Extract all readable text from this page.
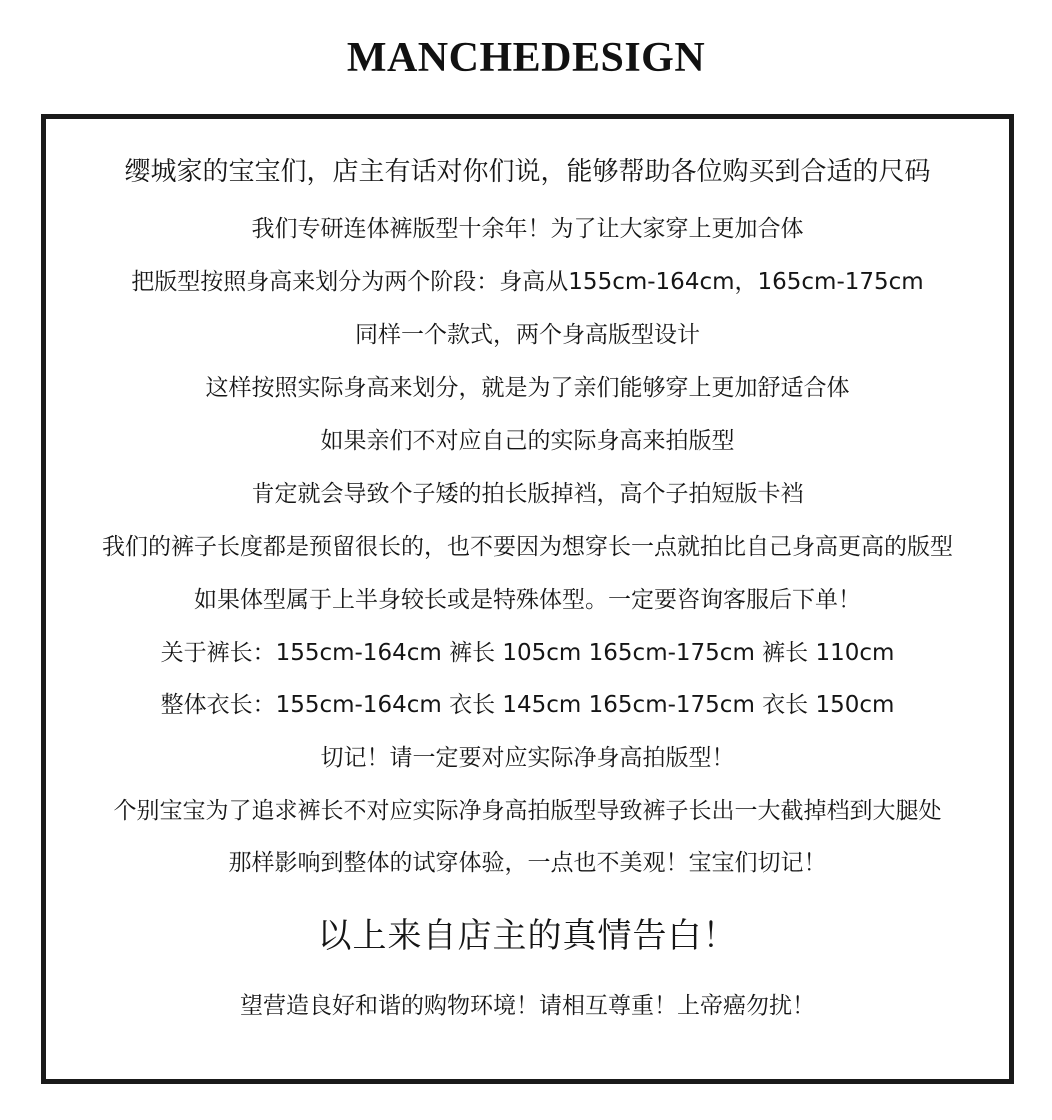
MANCHEDESIGN
缨城家的宝宝们，店主有话对你们说，能够帮助各位购买到合适的尺码
我们专研连体裤版型十余年！为了让大家穿上更加合体
把版型按照身高来划分为两个阶段：身高从155cm-164cm，165cm-175cm
同样一个款式，两个身高版型设计
这样按照实际身高来划分，就是为了亲们能够穿上更加舒适合体
如果亲们不对应自己的实际身高来拍版型
肯定就会导致个子矮的拍长版掉裆，高个子拍短版卡裆
我们的裤子长度都是预留很长的，也不要因为想穿长一点就拍比自己身高更高的版型
如果体型属于上半身较长或是特殊体型。一定要咨询客服后下单！
关于裤长：155cm-164cm 裤长 105cm 165cm-175cm 裤长 110cm
整体衣长：155cm-164cm 衣长 145cm 165cm-175cm 衣长 150cm
切记！请一定要对应实际净身高拍版型！
个别宝宝为了追求裤长不对应实际净身高拍版型导致裤子长出一大截掉档到大腿处
那样影响到整体的试穿体验，一点也不美观！宝宝们切记！
以上来自店主的真情告白！
望营造良好和谐的购物环境！请相互尊重！上帝癌勿扰！
